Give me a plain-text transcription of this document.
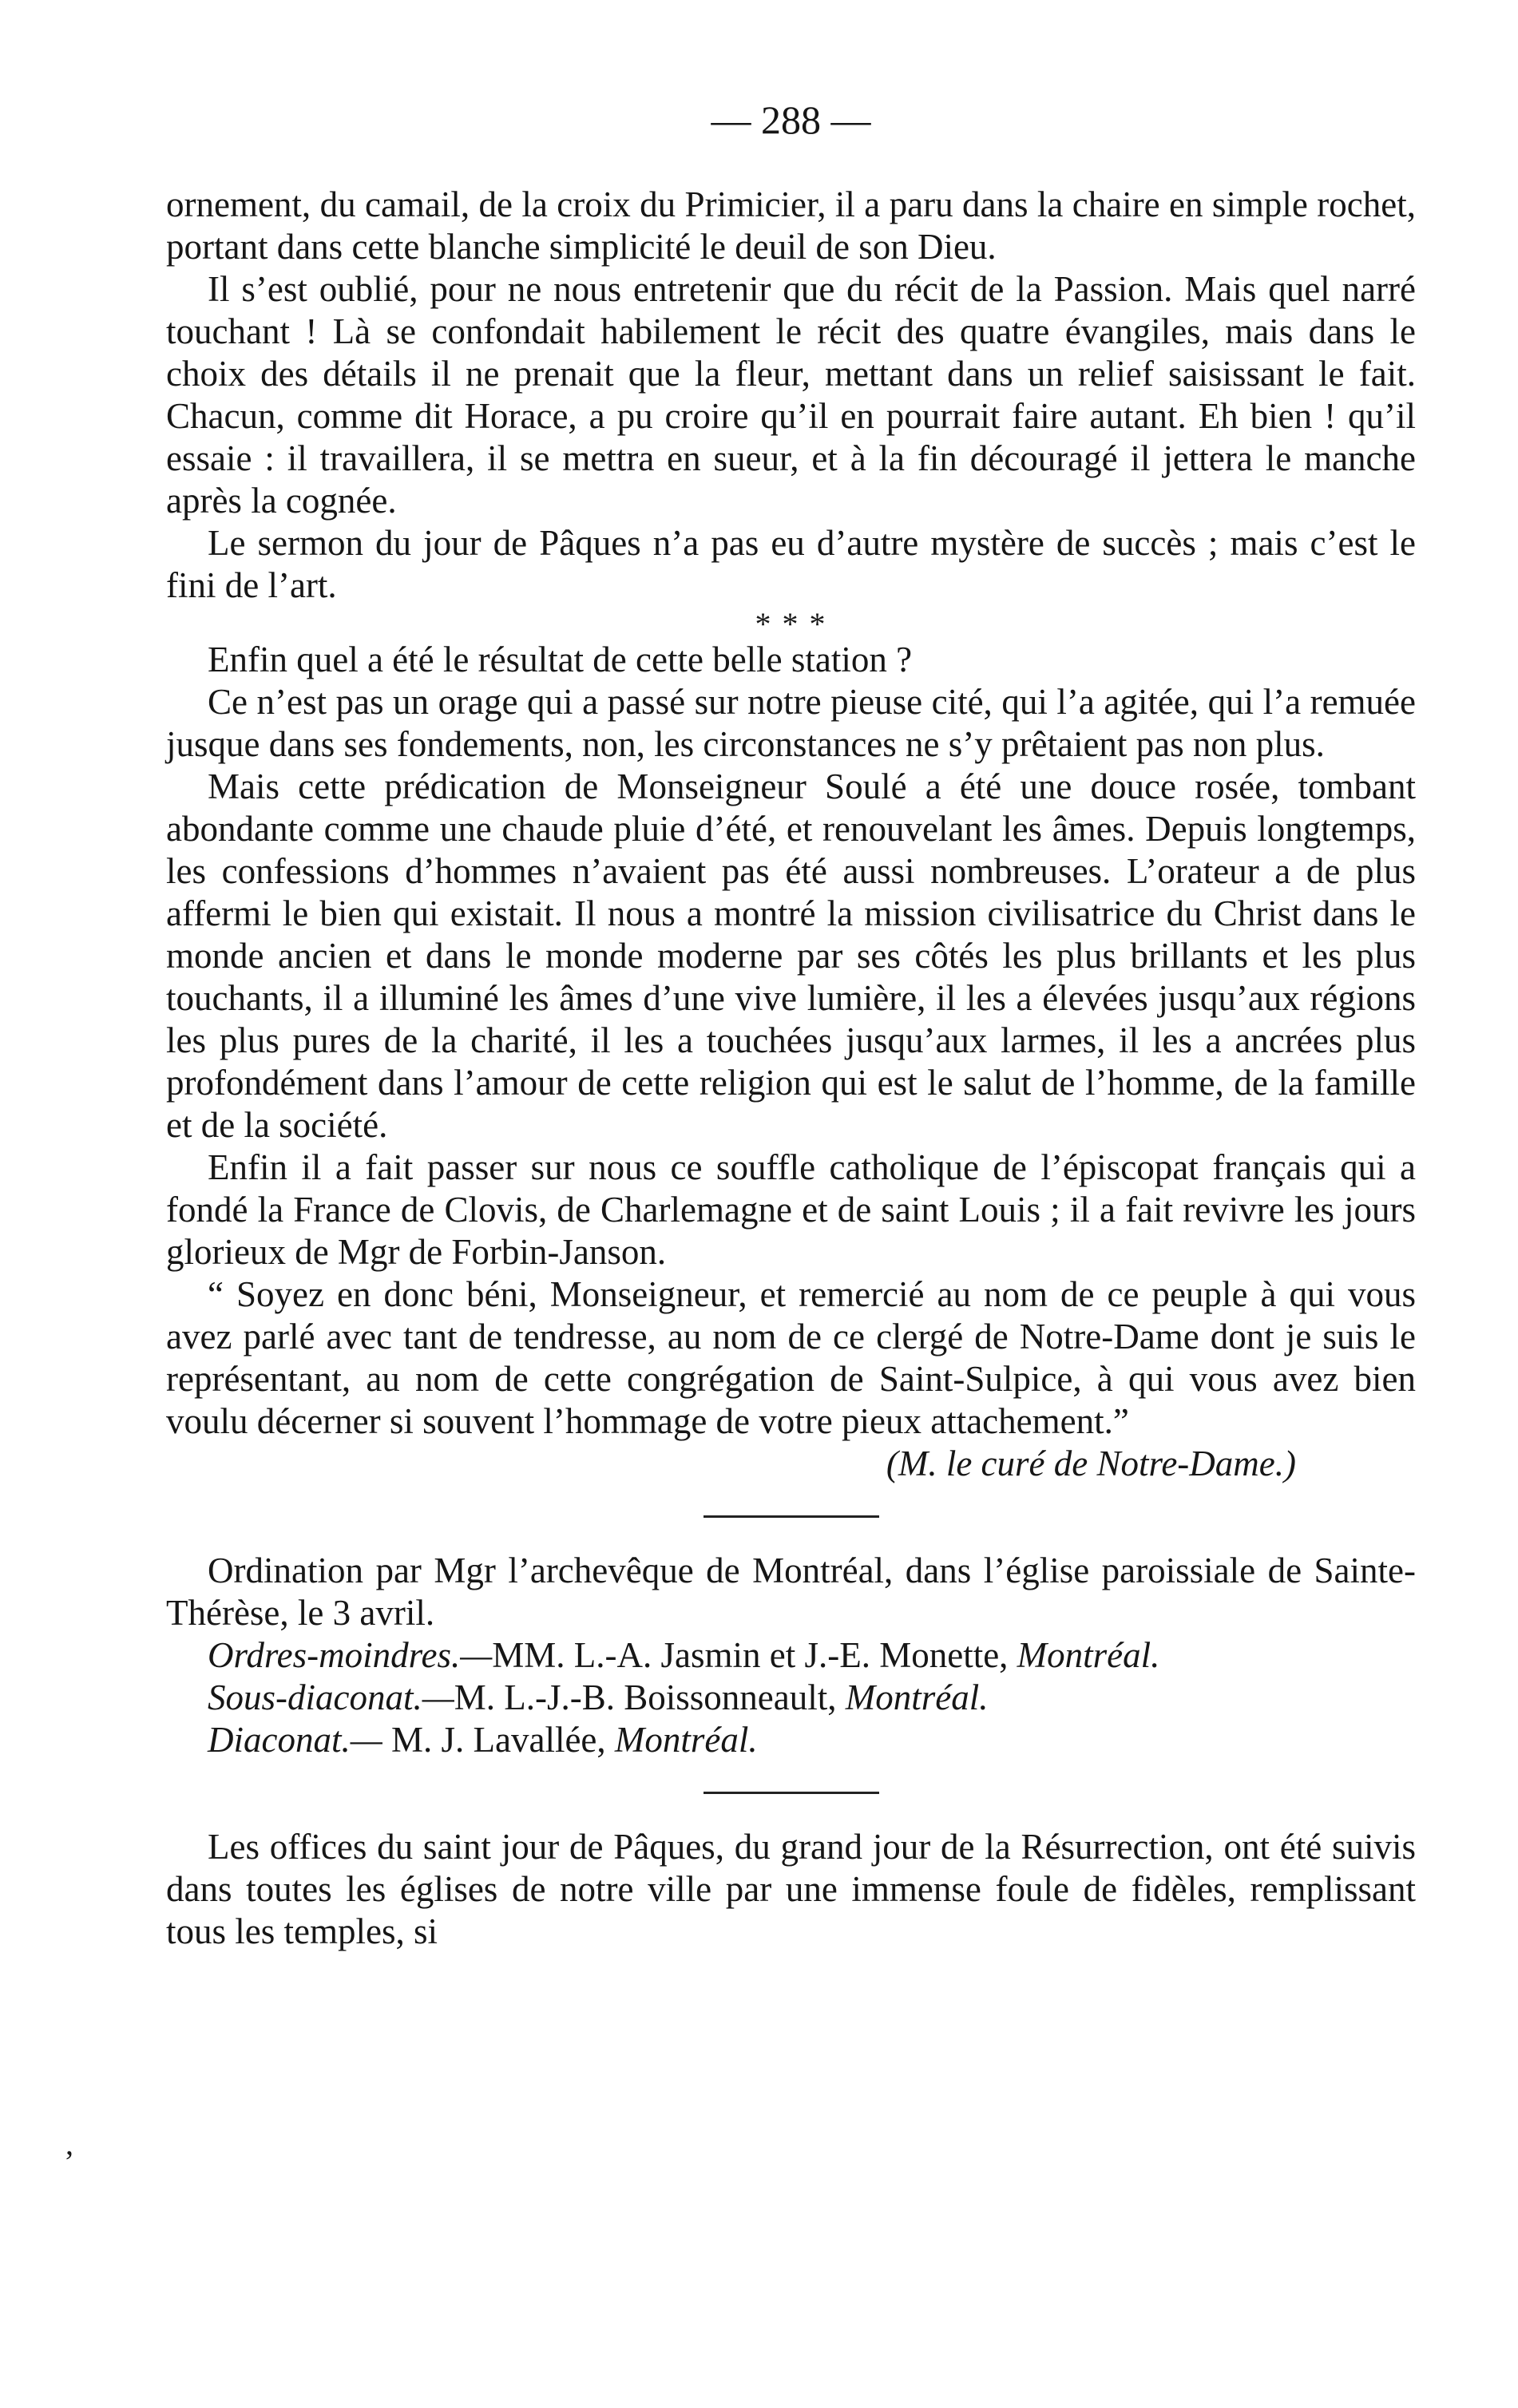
— 288 —

ornement, du camail, de la croix du Primicier, il a paru dans la chaire en simple rochet, portant dans cette blanche simplicité le deuil de son Dieu.

Il s’est oublié, pour ne nous entretenir que du récit de la Passion. Mais quel narré touchant ! Là se confondait habilement le récit des quatre évangiles, mais dans le choix des détails il ne prenait que la fleur, mettant dans un relief saisissant le fait. Chacun, comme dit Horace, a pu croire qu’il en pourrait faire autant. Eh bien ! qu’il essaie : il travaillera, il se mettra en sueur, et à la fin découragé il jettera le manche après la cognée.

Le sermon du jour de Pâques n’a pas eu d’autre mystère de succès ; mais c’est le fini de l’art.

* * *

Enfin quel a été le résultat de cette belle station ?

Ce n’est pas un orage qui a passé sur notre pieuse cité, qui l’a agitée, qui l’a remuée jusque dans ses fondements, non, les circonstances ne s’y prêtaient pas non plus.

Mais cette prédication de Monseigneur Soulé a été une douce rosée, tombant abondante comme une chaude pluie d’été, et renouvelant les âmes. Depuis longtemps, les confessions d’hommes n’avaient pas été aussi nombreuses. L’orateur a de plus affermi le bien qui existait. Il nous a montré la mission civilisatrice du Christ dans le monde ancien et dans le monde moderne par ses côtés les plus brillants et les plus touchants, il a illuminé les âmes d’une vive lumière, il les a élevées jusqu’aux régions les plus pures de la charité, il les a touchées jusqu’aux larmes, il les a ancrées plus profondément dans l’amour de cette religion qui est le salut de l’homme, de la famille et de la société.

Enfin il a fait passer sur nous ce souffle catholique de l’épiscopat français qui a fondé la France de Clovis, de Charlemagne et de saint Louis ; il a fait revivre les jours glorieux de Mgr de Forbin-Janson.

“ Soyez en donc béni, Monseigneur, et remercié au nom de ce peuple à qui vous avez parlé avec tant de tendresse, au nom de ce clergé de Notre-Dame dont je suis le représentant, au nom de cette congrégation de Saint-Sulpice, à qui vous avez bien voulu décerner si souvent l’hommage de votre pieux attachement.”

(M. le curé de Notre-Dame.)

Ordination par Mgr l’archevêque de Montréal, dans l’église paroissiale de Sainte-Thérèse, le 3 avril.

Ordres-moindres.—MM. L.-A. Jasmin et J.-E. Monette, Montréal.

Sous-diaconat.—M. L.-J.-B. Boissonneault, Montréal.

Diaconat.— M. J. Lavallée, Montréal.

Les offices du saint jour de Pâques, du grand jour de la Résurrection, ont été suivis dans toutes les églises de notre ville par une immense foule de fidèles, remplissant tous les temples, si

’
